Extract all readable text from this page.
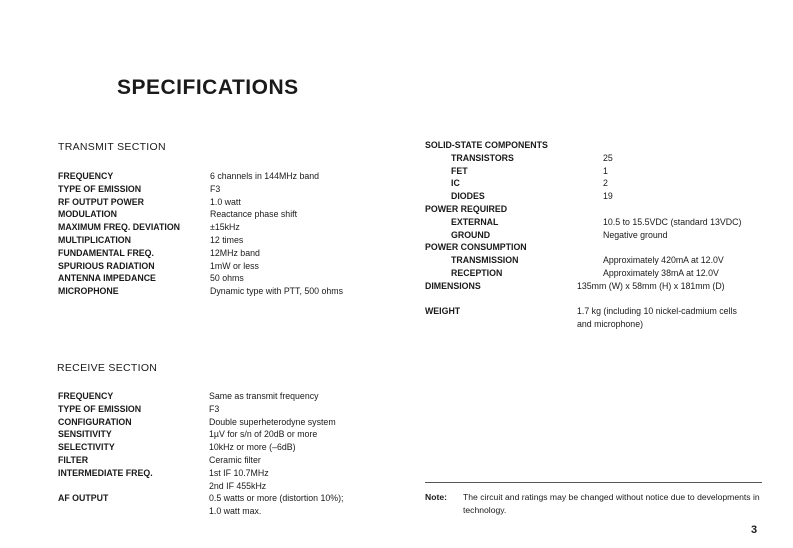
SPECIFICATIONS
TRANSMIT SECTION
FREQUENCY	6 channels in 144MHz band
TYPE OF EMISSION	F3
RF OUTPUT POWER	1.0 watt
MODULATION	Reactance phase shift
MAXIMUM FREQ. DEVIATION	±15kHz
MULTIPLICATION	12 times
FUNDAMENTAL FREQ.	12MHz band
SPURIOUS RADIATION	1mW or less
ANTENNA IMPEDANCE	50 ohms
MICROPHONE	Dynamic type with PTT, 500 ohms
RECEIVE SECTION
FREQUENCY	Same as transmit frequency
TYPE OF EMISSION	F3
CONFIGURATION	Double superheterodyne system
SENSITIVITY	1µV for s/n of 20dB or more
SELECTIVITY	10kHz or more (–6dB)
FILTER	Ceramic filter
INTERMEDIATE FREQ.	1st IF 10.7MHz
2nd IF 455kHz
AF OUTPUT	0.5 watts or more (distortion 10%);
1.0 watt max.
SOLID-STATE COMPONENTS
TRANSISTORS	25
FET	1
IC	2
DIODES	19
POWER REQUIRED
EXTERNAL	10.5 to 15.5VDC (standard 13VDC)
GROUND	Negative ground
POWER CONSUMPTION
TRANSMISSION	Approximately 420mA at 12.0V
RECEPTION	Approximately 38mA at 12.0V
DIMENSIONS	135mm (W) x 58mm (H) x 181mm (D)
WEIGHT	1.7 kg (including 10 nickel-cadmium cells
and microphone)
Note: The circuit and ratings may be changed without notice due to developments in technology.
3
